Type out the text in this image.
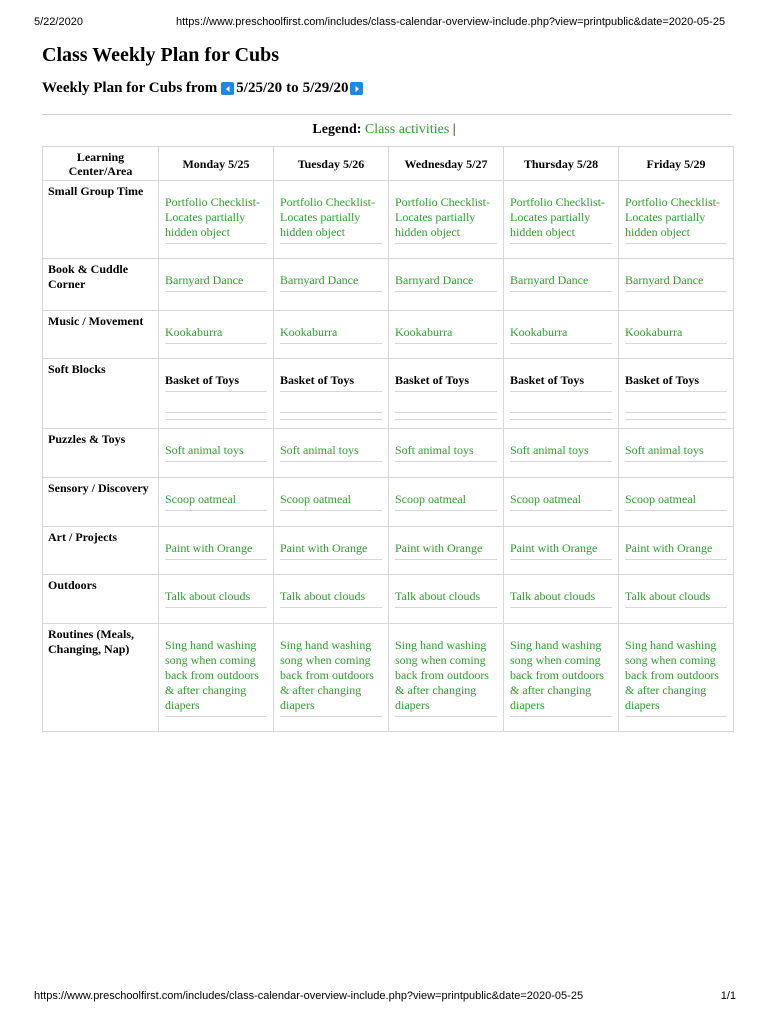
5/22/2020	https://www.preschoolfirst.com/includes/class-calendar-overview-include.php?view=printpublic&date=2020-05-25
Class Weekly Plan for Cubs
Weekly Plan for Cubs from 5/25/20 to 5/29/20
Legend: Class activities |
Learning Center/Area	Monday 5/25	Tuesday 5/26	Wednesday 5/27	Thursday 5/28	Friday 5/29
Small Group Time	Portfolio Checklist-Locates partially hidden object	Portfolio Checklist-Locates partially hidden object	Portfolio Checklist-Locates partially hidden object	Portfolio Checklist-Locates partially hidden object	Portfolio Checklist-Locates partially hidden object

Book & Cuddle Corner	Barnyard Dance	Barnyard Dance	Barnyard Dance	Barnyard Dance	Barnyard Dance

Music / Movement	Kookaburra	Kookaburra	Kookaburra	Kookaburra	Kookaburra

Soft Blocks	Basket of Toys	Basket of Toys	Basket of Toys	Basket of Toys	Basket of Toys

Puzzles & Toys	Soft animal toys	Soft animal toys	Soft animal toys	Soft animal toys	Soft animal toys

Sensory / Discovery	Scoop oatmeal	Scoop oatmeal	Scoop oatmeal	Scoop oatmeal	Scoop oatmeal

Art / Projects	Paint with Orange	Paint with Orange	Paint with Orange	Paint with Orange	Paint with Orange

Outdoors	Talk about clouds	Talk about clouds	Talk about clouds	Talk about clouds	Talk about clouds

Routines (Meals, Changing, Nap)	Sing hand washing song when coming back from outdoors & after changing diapers	Sing hand washing song when coming back from outdoors & after changing diapers	Sing hand washing song when coming back from outdoors & after changing diapers	Sing hand washing song when coming back from outdoors & after changing diapers	Sing hand washing song when coming back from outdoors & after changing diapers
https://www.preschoolfirst.com/includes/class-calendar-overview-include.php?view=printpublic&date=2020-05-25	1/1
